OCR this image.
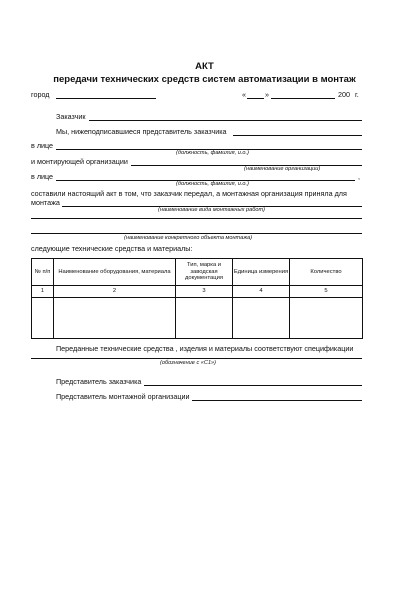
АКТ
передачи технических средств систем автоматизации в монтаж
город	«	»	200 г.
Заказчик
Мы, нижеподписавшиеся представитель заказчика
в лице
(должность, фамилия, и.о.)
и монтирующей организации
(наименование организации)
в лице	,
(должность, фамилия, и.о.)
составили настоящий акт в том, что заказчик передал, а монтажная организация приняла для
монтажа
(наименование вида монтажных работ)
(наименование конкретного объекта монтажа)
следующие технические средства и материалы:
№ п/п	Наименование оборудования, материала	Тип, марка и заводская документация	Единица измерения	Количество
1	2	3	4	5

Переданные технические средства , изделия и материалы соответствуют спецификации
(обозначение с «С1»)
Представитель заказчика
Представитель монтажной организации
